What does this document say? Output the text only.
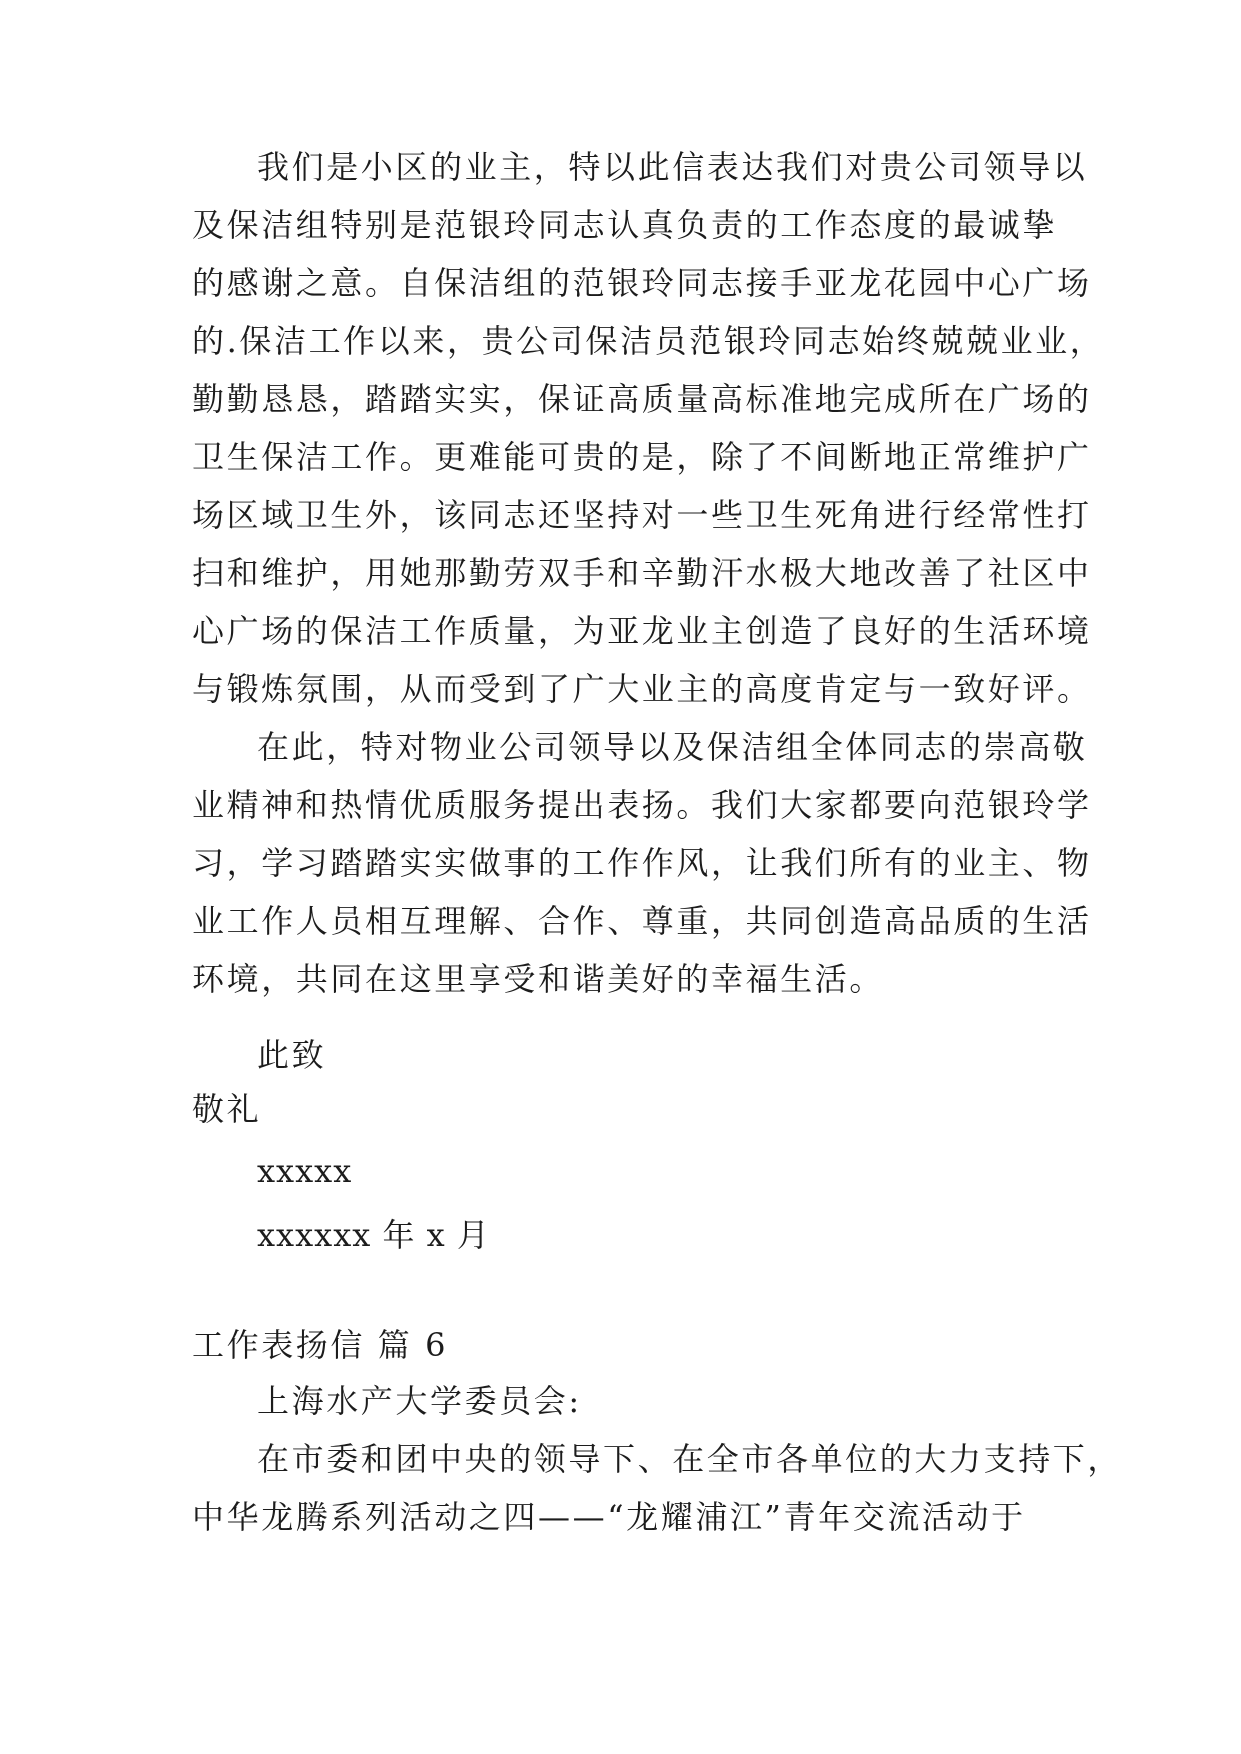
我们是小区的业主，特以此信表达我们对贵公司领导以
及保洁组特别是范银玲同志认真负责的工作态度的最诚挚
的感谢之意。自保洁组的范银玲同志接手亚龙花园中心广场
的.保洁工作以来，贵公司保洁员范银玲同志始终兢兢业业，
勤勤恳恳，踏踏实实，保证高质量高标准地完成所在广场的
卫生保洁工作。更难能可贵的是，除了不间断地正常维护广
场区域卫生外，该同志还坚持对一些卫生死角进行经常性打
扫和维护，用她那勤劳双手和辛勤汗水极大地改善了社区中
心广场的保洁工作质量，为亚龙业主创造了良好的生活环境
与锻炼氛围，从而受到了广大业主的高度肯定与一致好评。
在此，特对物业公司领导以及保洁组全体同志的崇高敬
业精神和热情优质服务提出表扬。我们大家都要向范银玲学
习，学习踏踏实实做事的工作作风，让我们所有的业主、物
业工作人员相互理解、合作、尊重，共同创造高品质的生活
环境，共同在这里享受和谐美好的幸福生活。
此致
敬礼
xxxxx
xxxxxx 年 x 月
工作表扬信 篇 6
上海水产大学委员会:
在市委和团中央的领导下、在全市各单位的大力支持下，
中华龙腾系列活动之四——“龙耀浦江”青年交流活动于
